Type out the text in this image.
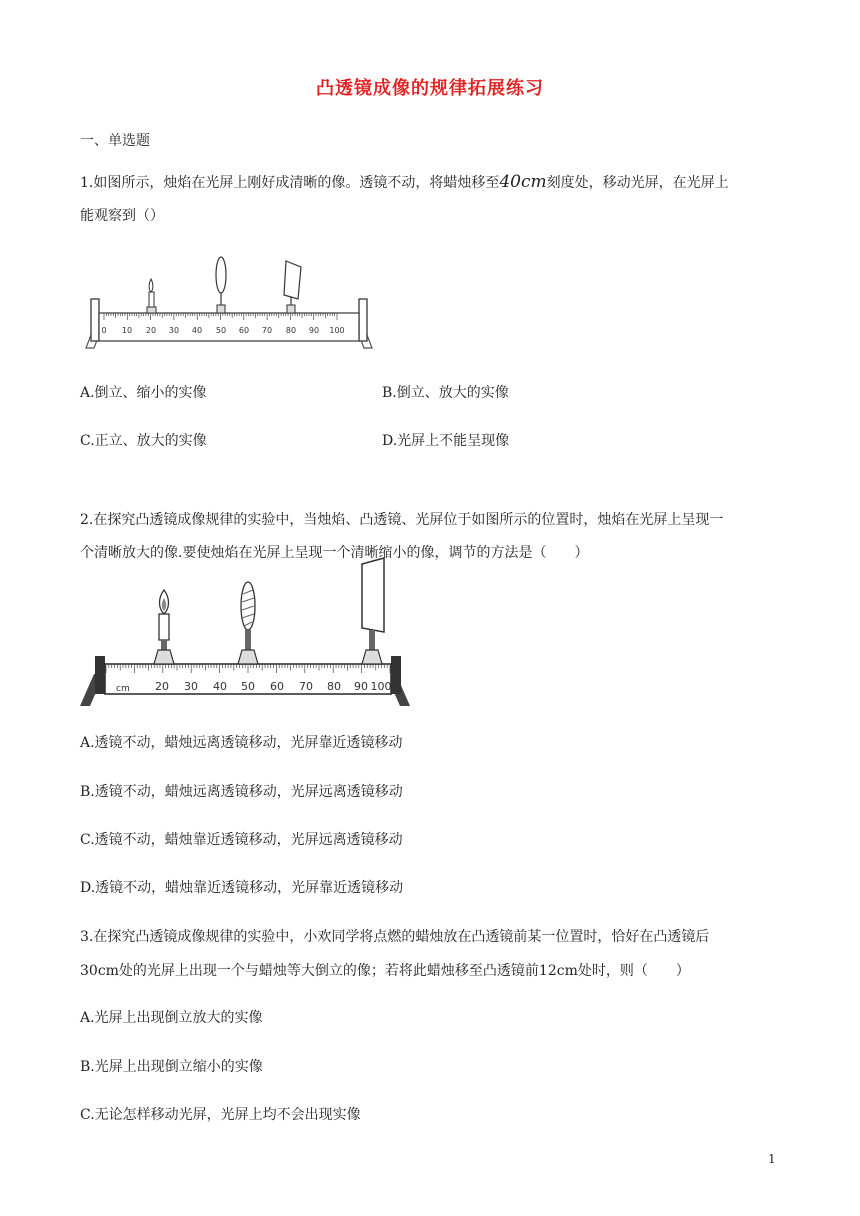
凸透镜成像的规律拓展练习
一、单选题
1.如图所示，烛焰在光屏上刚好成清晰的像。透镜不动，将蜡烛移至40cm刻度处，移动光屏，在光屏上
能观察到（）
0 10 20 30 40 50 60 70 80 90 100
A.倒立、缩小的实像	B.倒立、放大的实像
C.正立、放大的实像	D.光屏上不能呈现像
2.在探究凸透镜成像规律的实验中，当烛焰、凸透镜、光屏位于如图所示的位置时，烛焰在光屏上呈现一
个清晰放大的像.要使烛焰在光屏上呈现一个清晰缩小的像，调节的方法是（　　）
cm 20 30 40 50 60 70 80 90 100
A.透镜不动，蜡烛远离透镜移动，光屏靠近透镜移动
B.透镜不动，蜡烛远离透镜移动，光屏远离透镜移动
C.透镜不动，蜡烛靠近透镜移动，光屏远离透镜移动
D.透镜不动，蜡烛靠近透镜移动，光屏靠近透镜移动
3.在探究凸透镜成像规律的实验中，小欢同学将点燃的蜡烛放在凸透镜前某一位置时，恰好在凸透镜后
30cm处的光屏上出现一个与蜡烛等大倒立的像；若将此蜡烛移至凸透镜前12cm处时，则（　　）
A.光屏上出现倒立放大的实像
B.光屏上出现倒立缩小的实像
C.无论怎样移动光屏，光屏上均不会出现实像
1
